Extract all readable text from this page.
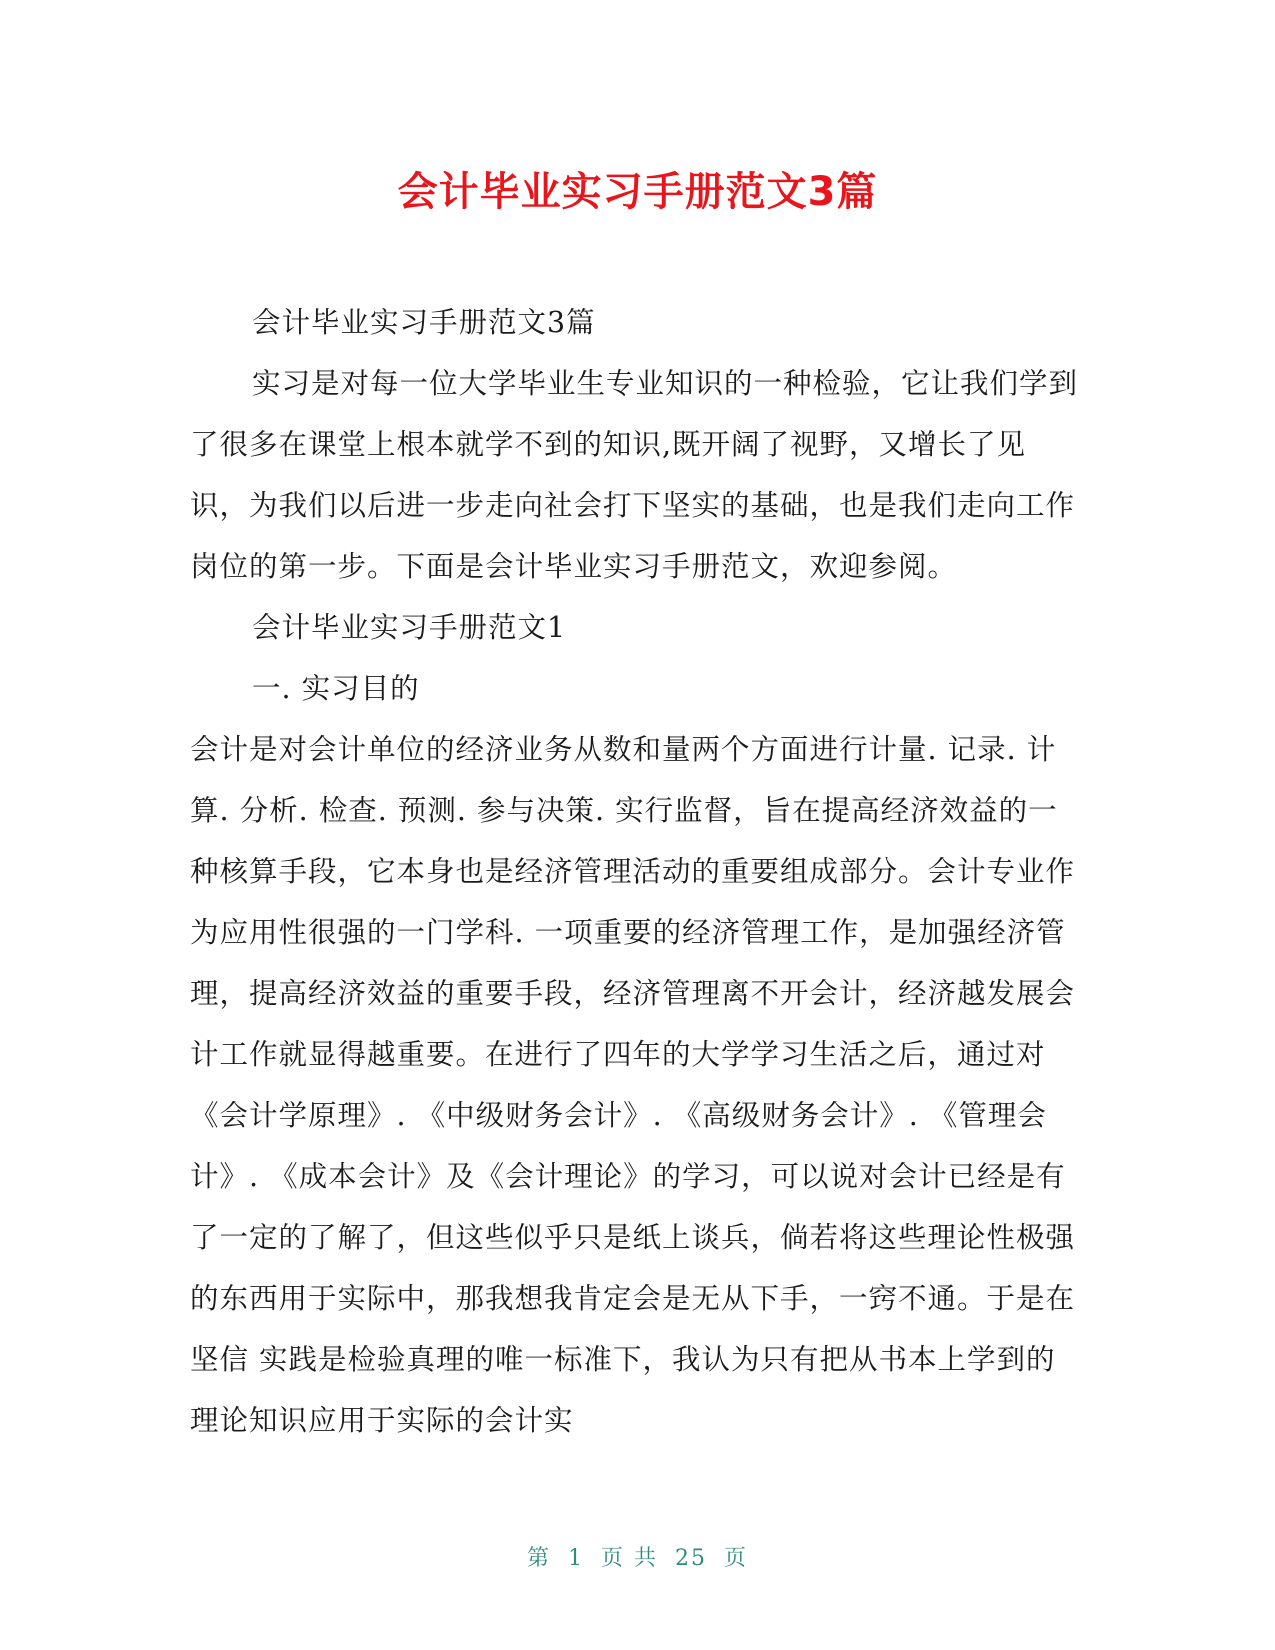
会计毕业实习手册范文3篇

会计毕业实习手册范文3篇

实习是对每一位大学毕业生专业知识的一种检验，它让我们学到了很多在课堂上根本就学不到的知识,既开阔了视野，又增长了见识，为我们以后进一步走向社会打下坚实的基础，也是我们走向工作岗位的第一步。下面是会计毕业实习手册范文，欢迎参阅。

会计毕业实习手册范文1

一. 实习目的

会计是对会计单位的经济业务从数和量两个方面进行计量. 记录. 计算. 分析. 检查. 预测. 参与决策. 实行监督，旨在提高经济效益的一种核算手段，它本身也是经济管理活动的重要组成部分。会计专业作为应用性很强的一门学科. 一项重要的经济管理工作，是加强经济管理，提高经济效益的重要手段，经济管理离不开会计，经济越发展会计工作就显得越重要。在进行了四年的大学学习生活之后，通过对《会计学原理》. 《中级财务会计》. 《高级财务会计》. 《管理会计》. 《成本会计》及《会计理论》的学习，可以说对会计已经是有了一定的了解了，但这些似乎只是纸上谈兵，倘若将这些理论性极强的东西用于实际中，那我想我肯定会是无从下手，一窍不通。于是在坚信 实践是检验真理的唯一标准下，我认为只有把从书本上学到的理论知识应用于实际的会计实

第 1 页 共 25 页
